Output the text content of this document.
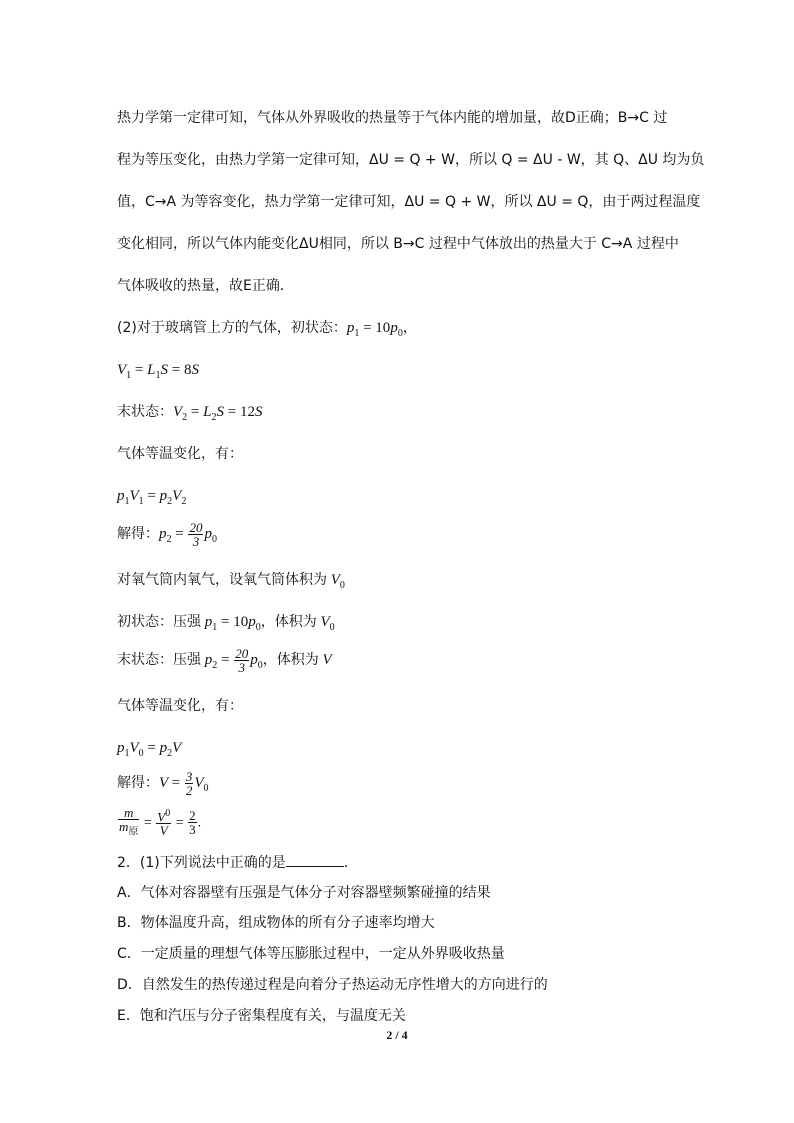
热力学第一定律可知，气体从外界吸收的热量等于气体内能的增加量，故D正确；B→C 过
程为等压变化，由热力学第一定律可知，ΔU = Q + W，所以 Q = ΔU - W，其 Q、ΔU 均为负
值，C→A 为等容变化，热力学第一定律可知，ΔU = Q + W，所以 ΔU = Q，由于两过程温度
变化相同，所以气体内能变化ΔU相同，所以 B→C 过程中气体放出的热量大于 C→A 过程中
气体吸收的热量，故E正确．
(2)对于玻璃管上方的气体，初状态：$p_1 = 10p_0$，
$V_1 = L_1S = 8S$
末状态：$V_2 = L_2S = 12S$
气体等温变化，有：
$p_1V_1 = p_2V_2$
解得：$p_2 = \frac{20}{3} p_0$
对氧气筒内氧气，设氧气筒体积为 $V_0$
初状态：压强 $p_1 = 10p_0$，体积为 $V_0$
末状态：压强 $p_2 = \frac{20}{3} p_0$，体积为 V
气体等温变化，有：
$p_1V_0 = p_2V$
解得：$V = \frac{3}{2} V_0$
$\frac{m}{m_原} = \frac{V^0}{V} = \frac{2}{3}$ .
2．(1)下列说法中正确的是	．
A．气体对容器壁有压强是气体分子对容器壁频繁碰撞的结果
B．物体温度升高，组成物体的所有分子速率均增大
C．一定质量的理想气体等压膨胀过程中，一定从外界吸收热量
D．自然发生的热传递过程是向着分子热运动无序性增大的方向进行的
E．饱和汽压与分子密集程度有关，与温度无关
2 / 4
